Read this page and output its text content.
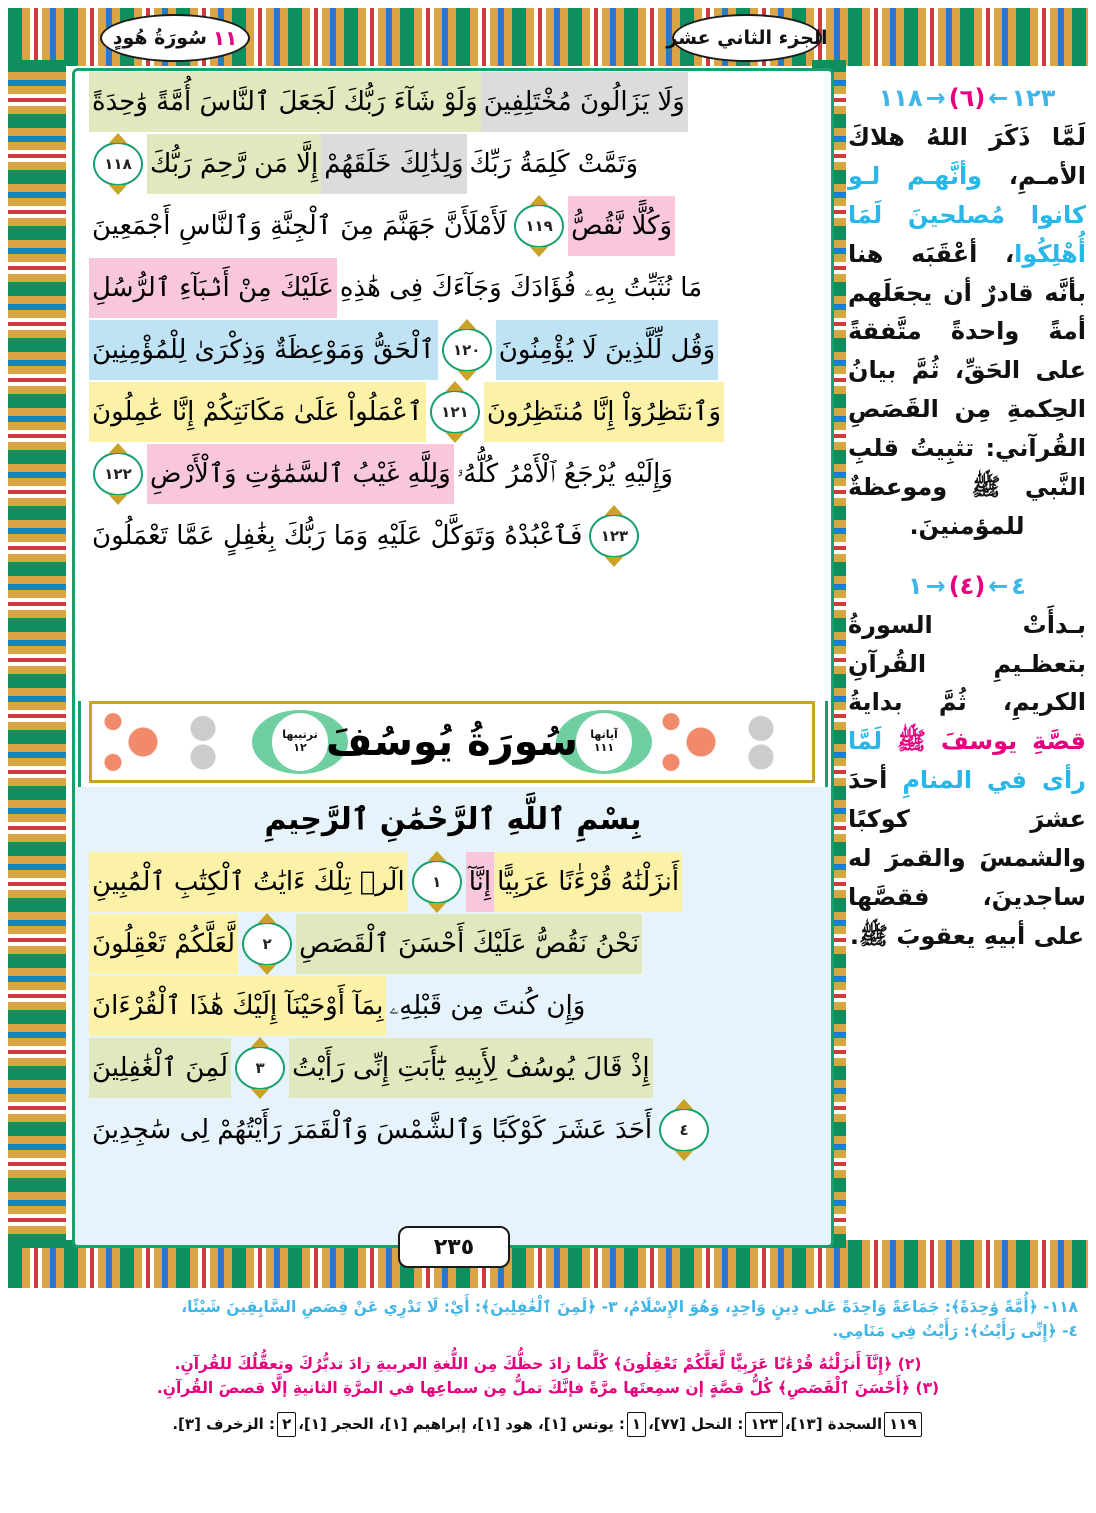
١١
سُورَةُ هُودٍ	الجزء الثاني عشر
٢٣٥
وَلَوْ شَآءَ رَبُّكَ لَجَعَلَ ٱلنَّاسَ أُمَّةً وَٰحِدَةً وَلَا يَزَالُونَ مُخْتَلِفِينَ
١١٨ إِلَّا مَن رَّحِمَ رَبُّكَ وَلِذَٰلِكَ خَلَقَهُمْ وَتَمَّتْ كَلِمَةُ رَبِّكَ
لَأَمْلَأَنَّ جَهَنَّمَ مِنَ ٱلْجِنَّةِ وَٱلنَّاسِ أَجْمَعِينَ	١١٩ وَكُلًّا نَّقُصُّ
عَلَيْكَ مِنْ أَنۢبَآءِ ٱلرُّسُلِ مَا نُثَبِّتُ بِهِۦ فُؤَادَكَ وَجَآءَكَ فِى هَٰذِهِ
ٱلْحَقُّ وَمَوْعِظَةٌ وَذِكْرَىٰ لِلْمُؤْمِنِينَ	١٢٠ وَقُل لِّلَّذِينَ لَا يُؤْمِنُونَ
ٱعْمَلُواْ عَلَىٰ مَكَانَتِكُمْ إِنَّا عَٰمِلُونَ	١٢١ وَٱنتَظِرُوٓاْ إِنَّا مُنتَظِرُونَ
١٢٢ وَلِلَّهِ غَيْبُ ٱلسَّمَٰوَٰتِ وَٱلْأَرْضِ وَإِلَيْهِ يُرْجَعُ ٱلْأَمْرُ كُلُّهُۥ
فَٱعْبُدْهُ وَتَوَكَّلْ عَلَيْهِ وَمَا رَبُّكَ بِغَٰفِلٍ عَمَّا تَعْمَلُونَ	١٢٣
ترتيبها
١٢
آياتها
١١١
سُورَةُ يُوسُفَ
بِسْمِ ٱللَّهِ ٱلرَّحْمَٰنِ ٱلرَّحِيمِ
الٓرۚ تِلْكَ ءَايَٰتُ ٱلْكِتَٰبِ ٱلْمُبِينِ	١	إِنَّآ أَنزَلْنَٰهُ قُرْءَٰنًا عَرَبِيًّا
لَّعَلَّكُمْ تَعْقِلُونَ	٢	نَحْنُ نَقُصُّ عَلَيْكَ أَحْسَنَ ٱلْقَصَصِ
بِمَآ أَوْحَيْنَآ إِلَيْكَ هَٰذَا ٱلْقُرْءَانَ وَإِن كُنتَ مِن قَبْلِهِۦ
لَمِنَ ٱلْغَٰفِلِينَ	٣	إِذْ قَالَ يُوسُفُ لِأَبِيهِ يَٰٓأَبَتِ إِنِّى رَأَيْتُ
أَحَدَ عَشَرَ كَوْكَبًا وَٱلشَّمْسَ وَٱلْقَمَرَ رَأَيْتُهُمْ لِى سَٰجِدِينَ	٤
١١٨ → (٦) ← ١٢٣
لَمَّا ذَكَرَ اللهُ هلاكَ الأمـمِ، وأنَّهـم لـو كانوا مُصلحينَ لَمَا أُهْلِكُوا، أعْقَبَه هنا بأنَّه قادرٌ أن يجعَلَهم أمةً واحدةً متَّفقةً على الحَقِّ، ثُمَّ بيانُ الحِكمةِ مِن القَصَصِ القُرآني: تثبِيتُ قلبِ النَّبي ﷺ وموعظةٌ للمؤمنينَ.
١ → (٤) ← ٤
بـدأَتْ السورةُ بتعظـيمِ القُرآنِ الكريمِ، ثُمَّ بدايةُ قصَّةِ يوسفَ ﷺ لَمَّا رأى في المنامِ أحدَ عشرَ كوكبًا والشمسَ والقمرَ له ساجدينَ، فقصَّها على أبيهِ يعقوبَ ﷺ.
١١٨- ﴿أُمَّةً وَٰحِدَةً﴾: جَمَاعَةً وَاحِدَةً عَلى دِينٍ وَاحِدٍ، وَهُوَ الإِسْلَامُ، ٣- ﴿لَمِنَ ٱلْغَٰفِلِينَ﴾: أَيْ: لَا تَدْرِي عَنْ قِصَصِ السَّابِقِينَ شَيْئًا،
٤- ﴿إِنِّى رَأَيْتُ﴾: رَأَيْتُ فِي مَنَامِي.
(٢) ﴿إِنَّآ أَنزَلْنَٰهُ قُرْءَٰنًا عَرَبِيًّا لَّعَلَّكُمْ تَعْقِلُونَ﴾ كُلَّما زادَ حظُّكَ مِن اللُّغةِ العربيةِ زادَ تدبُّرُكَ وتعقُّلُكَ للقُرآنِ.
(٣) ﴿أَحْسَنَ ٱلْقَصَصِ﴾ كُلُّ قصَّةٍ إن سمِعتَها مرَّةً فإنَّكَ تملُّ مِن سماعِها في المرَّةِ الثانيةِ إلَّا قصصَ القُرآنِ.
١١٩السجدة [١٣]،١٢٣: النحل [٧٧]،١: يونس [١]، هود [١]، إبراهيم [١]، الحجر [١]،٢: الزخرف [٣].
